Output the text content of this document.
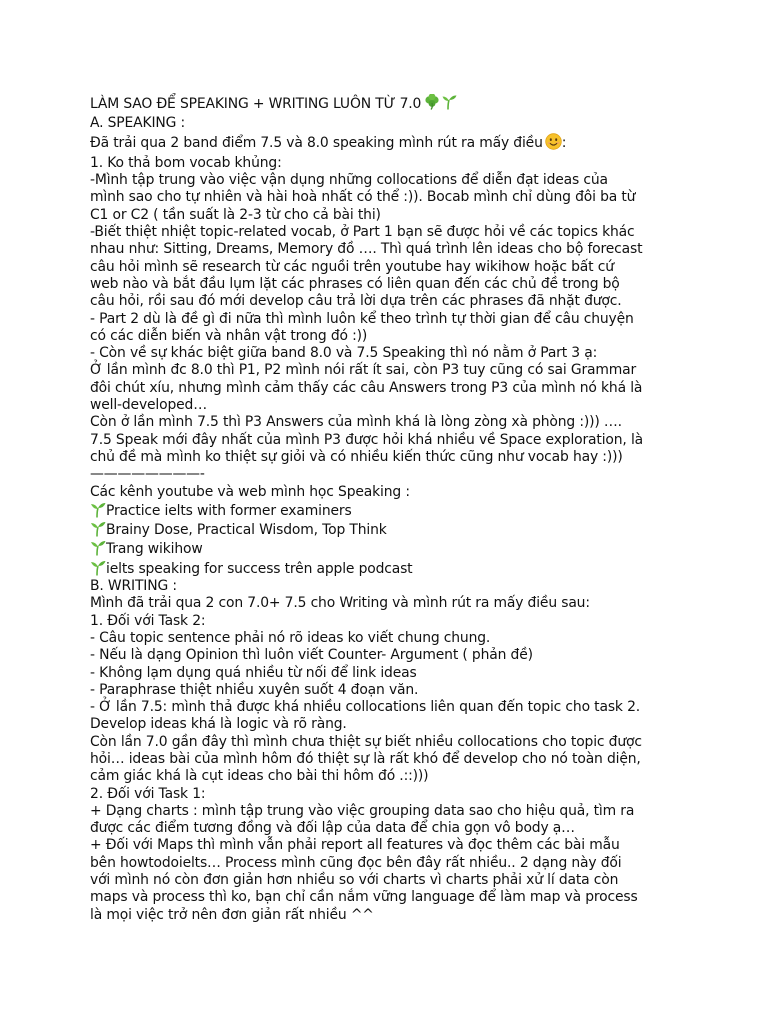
LÀM SAO ĐỂ SPEAKING + WRITING LUÔN TỪ 7.0
A. SPEAKING :
Đã trải qua 2 band điểm 7.5 và 8.0 speaking mình rút ra mấy điều :
1. Ko thả bom vocab khủng:
-Mình tập trung vào việc vận dụng những collocations để diễn đạt ideas của
mình sao cho tự nhiên và hài hoà nhất có thể :)). Bocab mình chỉ dùng đôi ba từ
C1 or C2 ( tần suất là 2-3 từ cho cả bài thi)
-Biết thiệt nhiệt topic-related vocab, ở Part 1 bạn sẽ được hỏi về các topics khác
nhau như: Sitting, Dreams, Memory đồ …. Thì quá trình lên ideas cho bộ forecast
câu hỏi mình sẽ research từ các nguồi trên youtube hay wikihow hoặc bất cứ
web nào và bắt đầu lụm lặt các phrases có liên quan đến các chủ đề trong bộ
câu hỏi, rồi sau đó mới develop câu trả lời dựa trên các phrases đã nhặt được.
- Part 2 dù là đề gì đi nữa thì mình luôn kể theo trình tự thời gian để câu chuyện
có các diễn biến và nhân vật trong đó :))
- Còn về sự khác biệt giữa band 8.0 và 7.5 Speaking thì nó nằm ở Part 3 ạ:
Ở lần mình đc 8.0 thì P1, P2 mình nói rất ít sai, còn P3 tuy cũng có sai Grammar
đôi chút xíu, nhưng mình cảm thấy các câu Answers trong P3 của mình nó khá là
well-developed…
Còn ở lần mình 7.5 thì P3 Answers của mình khá là lòng zòng xà phòng :))) ….
7.5 Speak mới đây nhất của mình P3 được hỏi khá nhiều về Space exploration, là
chủ đề mà mình ko thiệt sự giỏi và có nhiều kiến thức cũng như vocab hay :)))
————————-
Các kênh youtube và web mình học Speaking :
Practice ielts with former examiners
Brainy Dose, Practical Wisdom, Top Think
Trang wikihow
ielts speaking for success trên apple podcast
B. WRITING :
Mình đã trải qua 2 con 7.0+ 7.5 cho Writing và mình rút ra mấy điều sau:
1. Đối với Task 2:
- Câu topic sentence phải nó rõ ideas ko viết chung chung.
- Nếu là dạng Opinion thì luôn viết Counter- Argument ( phản đề)
- Không lạm dụng quá nhiều từ nối để link ideas
- Paraphrase thiệt nhiều xuyên suốt 4 đoạn văn.
- Ở lần 7.5: mình thả được khá nhiều collocations liên quan đến topic cho task 2.
Develop ideas khá là logic và rõ ràng.
Còn lần 7.0 gần đây thì mình chưa thiệt sự biết nhiều collocations cho topic được
hỏi… ideas bài của mình hôm đó thiệt sự là rất khó để develop cho nó toàn diện,
cảm giác khá là cụt ideas cho bài thi hôm đó .::)))
2. Đối với Task 1:
+ Dạng charts : mình tập trung vào việc grouping data sao cho hiệu quả, tìm ra
được các điểm tương đồng và đối lập của data để chia gọn vô body ạ…
+ Đối với Maps thì mình vẫn phải report all features và đọc thêm các bài mẫu
bên howtodoielts… Process mình cũng đọc bên đây rất nhiều.. 2 dạng này đối
với mình nó còn đơn giản hơn nhiều so với charts vì charts phải xử lí data còn
maps và process thì ko, bạn chỉ cần nắm vững language để làm map và process
là mọi việc trở nên đơn giản rất nhiều ^^
